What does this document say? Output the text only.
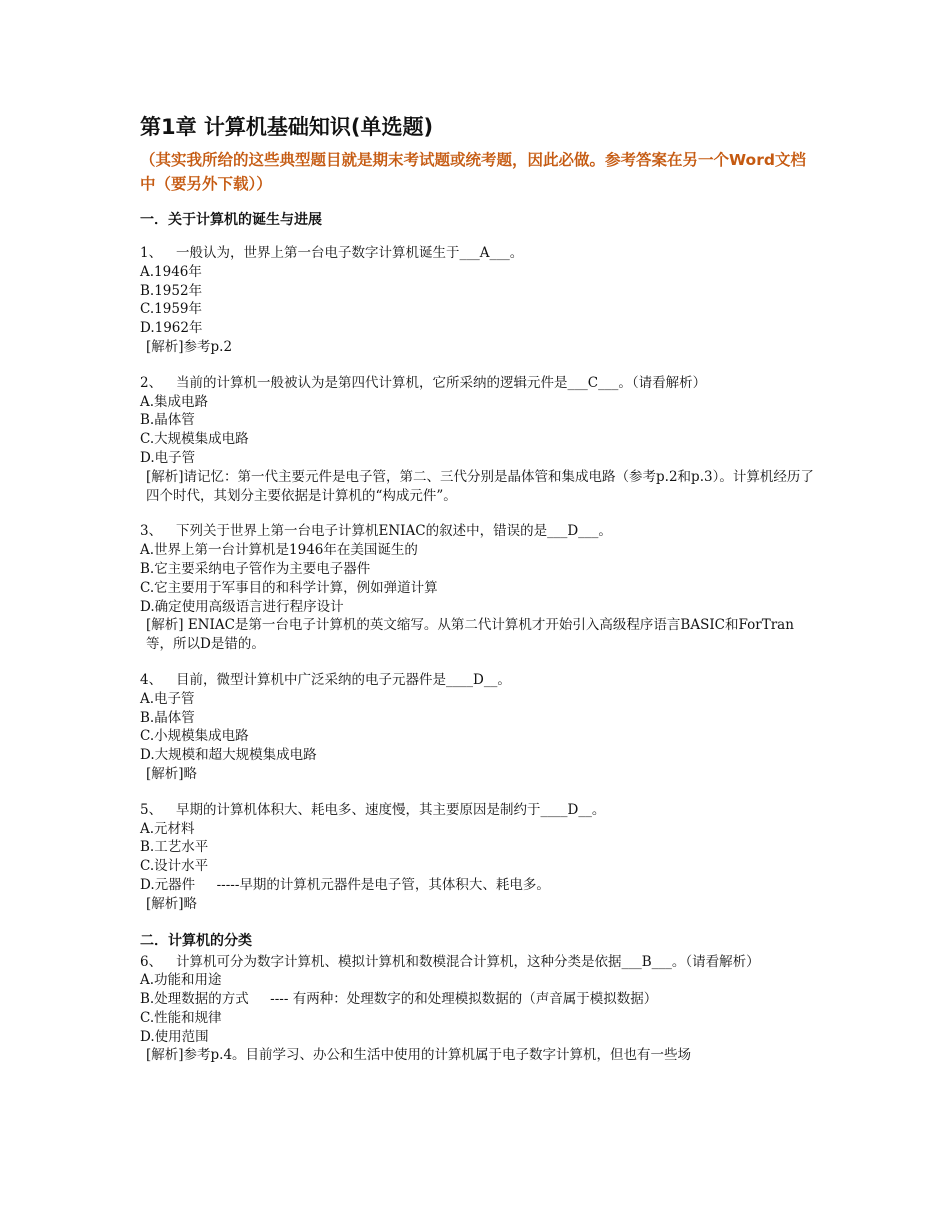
第1章 计算机基础知识(单选题)
（其实我所给的这些典型题目就是期末考试题或统考题，因此必做。参考答案在另一个Word文档中（要另外下载））
一．关于计算机的诞生与进展
1、	一般认为，世界上第一台电子数字计算机诞生于___A___。
A.1946年
B.1952年
C.1959年
D.1962年
[解析]参考p.2
2、	当前的计算机一般被认为是第四代计算机，它所采纳的逻辑元件是___C___。（请看解析）
A.集成电路
B.晶体管
C.大规模集成电路
D.电子管
[解析]请记忆：第一代主要元件是电子管，第二、三代分别是晶体管和集成电路（参考p.2和p.3）。计算机经历了四个时代，其划分主要依据是计算机的“构成元件”。
3、	下列关于世界上第一台电子计算机ENIAC的叙述中，错误的是___D___。
A.世界上第一台计算机是1946年在美国诞生的
B.它主要采纳电子管作为主要电子器件
C.它主要用于军事目的和科学计算，例如弹道计算
D.确定使用高级语言进行程序设计
[解析] ENIAC是第一台电子计算机的英文缩写。从第二代计算机才开始引入高级程序语言BASIC和ForTran等，所以D是错的。
4、	目前，微型计算机中广泛采纳的电子元器件是____D__。
A.电子管
B.晶体管
C.小规模集成电路
D.大规模和超大规模集成电路
[解析]略
5、	早期的计算机体积大、耗电多、速度慢，其主要原因是制约于____D__。
A.元材料
B.工艺水平
C.设计水平
D.元器件     -----早期的计算机元器件是电子管，其体积大、耗电多。
[解析]略
二．计算机的分类
6、	计算机可分为数字计算机、模拟计算机和数模混合计算机，这种分类是依据___B___。（请看解析）
A.功能和用途
B.处理数据的方式     ---- 有两种：处理数字的和处理模拟数据的（声音属于模拟数据）
C.性能和规律
D.使用范围
[解析]参考p.4。目前学习、办公和生活中使用的计算机属于电子数字计算机，但也有一些场
